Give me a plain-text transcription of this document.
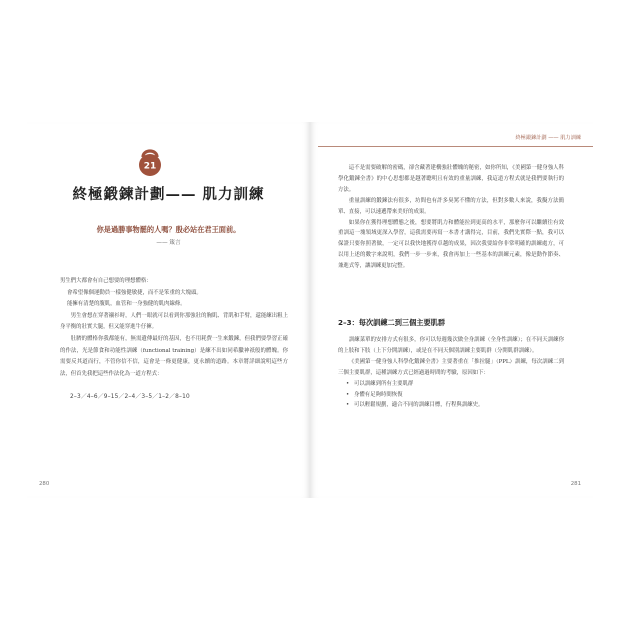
21
終極鍛鍊計劃—— 肌力訓練
你是過勝事物罷的人嗎？殷必站在君王面前。
—— 箴言

男生們大都會有自己想要的理想體格：

會希望像個運動員一樣強健敏捷，而不是笨重的大塊頭。

能擁有清楚的腹肌，血管和一身強健的肌肉線條。

男生會想在穿著襯衫時，人們一眼就可以看到你那強壯的胸肌、背肌和手臂，還能練出粗上身平衡的壯實大腿，但又能穿進牛仔褲。

肚臍的體格你我都能有，無需遺傳最好的基因，也不用耗費一生來鍛鍊，但我們要學習正確的作法，光是節食和功能性訓練（functional training）是練不出如同希臘神祇般的體魄。你需要反其道而行，不管你信不信，這會是一條更健康，更永續的道路。本章將詳細說明這些方法，但首先我把這些作法化為一道方程式：

2–3／4–6／9–15／2–4／3–5／1–2／8–10
280
終極鍛鍊計劃 —— 肌力訓練

這不是需要破解的密碼，卻含藏著建構強壯體魄的秘密，如你所知，《美國第一健身強人科學化鍛鍊全書》的中心思想都是越著聰明且有效的重量訓練，我這道方程式就是我們要執行的方法。

重量訓練的鍛鍊法有很多，坊間也有許多臭罵不懂的方法，但對多數人來說，我擬方法簡單、直接，可以速遞帶來美好的成果。

如果你在獲得理想體態之後，想要將肌力和體能拉到更高的水平，那麼你可以繼續往有效重訓這一塊領域更深入學習，這我需要再寫一本書才講得完，目前，我們先實際一點，我可以保證只要你照著做，一定可以我快地獲得卓越的成果，因次我要給你非常明確的訓練處方，可以用上述的數字來說明，我們一步一步來，我會再加上一些基本的訓練元素，像是動作節奏、兼進式等，讓訓練更加完整。

2–3：每次訓練二到三個主要肌群

訓練菜單的安排方式有很多，你可以每週幾次做全身訓練（全身性訓練）；在不同天訓練你的上肢和下肢（上下分開訓練），或是在不同天個別訓練主要肌群（分開肌群訓練）。

《美國第一健身強人科學化鍛鍊全書》主要著重在「推拉腿」（PPL）訓練，每次訓練二到三個主要肌群，這種訓練方式已經過過時間的考驗，原因如下：

• 可以訓練到所有主要肌群
• 身體有足夠時間恢復
• 可以輕鬆規劃，適合不同的訓練目標，行程與訓練史。
281
